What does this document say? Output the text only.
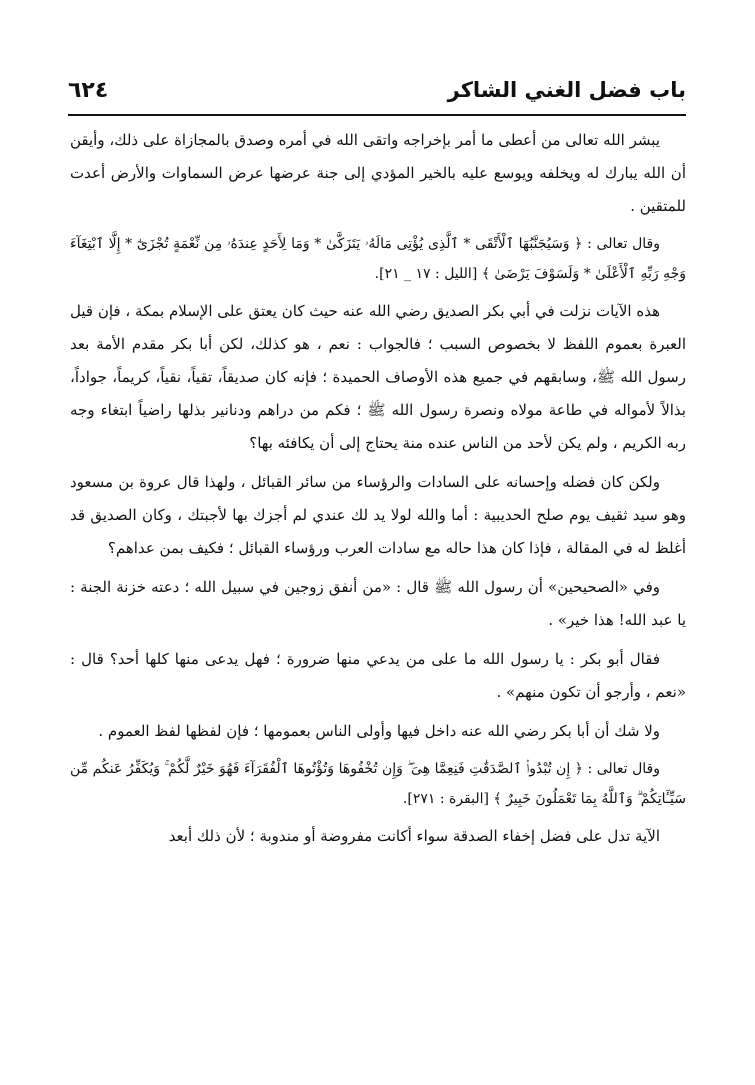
باب فضل الغني الشاكر
٦٢٤

يبشر الله تعالى من أعطى ما أمر بإخراجه واتقى الله في أمره وصدق بالمجازاة على ذلك، وأيقن أن الله يبارك له ويخلفه ويوسع عليه بالخير المؤدي إلى جنة عرضها عرض السماوات والأرض أعدت للمتقين .

وقال تعالى : ﴿ وَسَيُجَنَّبُهَا ٱلْأَتْقَى * ٱلَّذِى يُؤْتِى مَالَهُۥ يَتَزَكَّىٰ * وَمَا لِأَحَدٍ عِندَهُۥ مِن نِّعْمَةٍ تُجْزَىٰٓ * إِلَّا ٱبْتِغَآءَ وَجْهِ رَبِّهِ ٱلْأَعْلَىٰ * وَلَسَوْفَ يَرْضَىٰ ﴾ [الليل : ١٧ _ ٢١].

هذه الآيات نزلت في أبي بكر الصديق رضي الله عنه حيث كان يعتق على الإسلام بمكة ، فإن قيل العبرة بعموم اللفظ لا بخصوص السبب ؛ فالجواب : نعم ، هو كذلك، لكن أبا بكر مقدم الأمة بعد رسول الله ﷺ، وسابقهم في جميع هذه الأوصاف الحميدة ؛ فإنه كان صديقاً، تقياً، نقياً، كريماً، جواداً، بذالاً لأمواله في طاعة مولاه ونصرة رسول الله ﷺ ؛ فكم من دراهم ودنانير بذلها راضياً ابتغاء وجه ربه الكريم ، ولم يكن لأحد من الناس عنده منة يحتاج إلى أن يكافئه بها؟

ولكن كان فضله وإحسانه على السادات والرؤساء من سائر القبائل ، ولهذا قال عروة بن مسعود وهو سيد ثقيف يوم صلح الحديبية : أما والله لولا يد لك عندي لم أجزك بها لأجبتك ، وكان الصديق قد أغلظ له في المقالة ، فإذا كان هذا حاله مع سادات العرب ورؤساء القبائل ؛ فكيف بمن عداهم؟

وفي «الصحيحين» أن رسول الله ﷺ قال : «من أنفق زوجين في سبيل الله ؛ دعته خزنة الجنة : يا عبد الله! هذا خير» .

فقال أبو بكر : يا رسول الله ما على من يدعي منها ضرورة ؛ فهل يدعى منها كلها أحد؟ قال : «نعم ، وأرجو أن تكون منهم» .

ولا شك أن أبا بكر رضي الله عنه داخل فيها وأولى الناس بعمومها ؛ فإن لفظها لفظ العموم .

وقال تعالى : ﴿ إِن تُبْدُوا۟ ٱلصَّدَقَٰتِ فَنِعِمَّا هِىَ ۖ وَإِن تُخْفُوهَا وَتُؤْتُوهَا ٱلْفُقَرَآءَ فَهُوَ خَيْرٌ لَّكُمْ ۚ وَيُكَفِّرُ عَنكُم مِّن سَيِّـَٔاتِكُمْ ۗ وَٱللَّهُ بِمَا تَعْمَلُونَ خَبِيرٌ ﴾ [البقرة : ٢٧١].

الآية تدل على فضل إخفاء الصدقة سواء أكانت مفروضة أو مندوبة ؛ لأن ذلك أبعد
